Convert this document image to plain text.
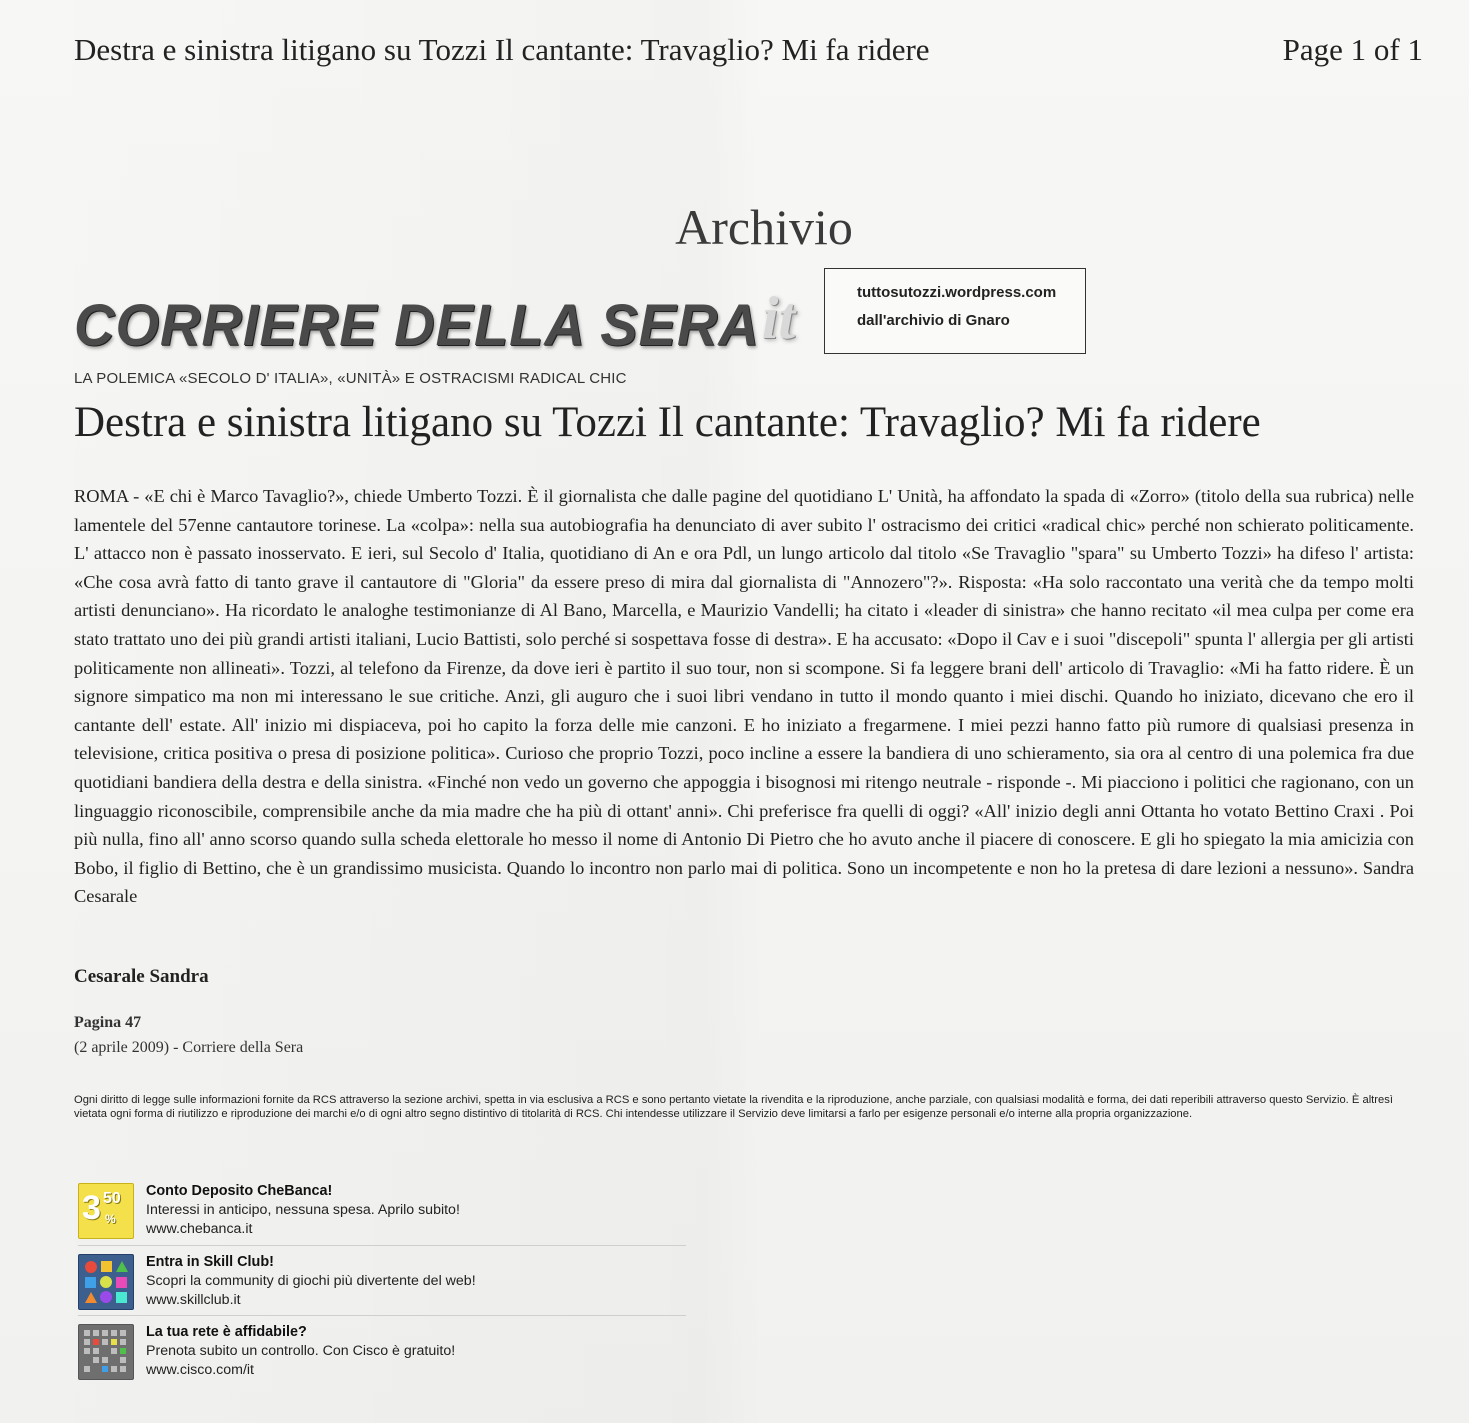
Destra e sinistra litigano su Tozzi Il cantante: Travaglio? Mi fa ridere	Page 1 of 1
Archivio
CORRIERE DELLA SERAit	tuttosutozzi.wordpress.com
dall'archivio di Gnaro
LA POLEMICA «SECOLO D' ITALIA», «UNITÀ» E OSTRACISMI RADICAL CHIC
Destra e sinistra litigano su Tozzi Il cantante: Travaglio? Mi fa ridere
ROMA - «E chi è Marco Tavaglio?», chiede Umberto Tozzi. È il giornalista che dalle pagine del quotidiano L' Unità, ha affondato la spada di «Zorro» (titolo della sua rubrica) nelle lamentele del 57enne cantautore torinese. La «colpa»: nella sua autobiografia ha denunciato di aver subito l' ostracismo dei critici «radical chic» perché non schierato politicamente. L' attacco non è passato inosservato. E ieri, sul Secolo d' Italia, quotidiano di An e ora Pdl, un lungo articolo dal titolo «Se Travaglio "spara" su Umberto Tozzi» ha difeso l' artista: «Che cosa avrà fatto di tanto grave il cantautore di "Gloria" da essere preso di mira dal giornalista di "Annozero"?». Risposta: «Ha solo raccontato una verità che da tempo molti artisti denunciano». Ha ricordato le analoghe testimonianze di Al Bano, Marcella, e Maurizio Vandelli; ha citato i «leader di sinistra» che hanno recitato «il mea culpa per come era stato trattato uno dei più grandi artisti italiani, Lucio Battisti, solo perché si sospettava fosse di destra». E ha accusato: «Dopo il Cav e i suoi "discepoli" spunta l' allergia per gli artisti politicamente non allineati». Tozzi, al telefono da Firenze, da dove ieri è partito il suo tour, non si scompone. Si fa leggere brani dell' articolo di Travaglio: «Mi ha fatto ridere. È un signore simpatico ma non mi interessano le sue critiche. Anzi, gli auguro che i suoi libri vendano in tutto il mondo quanto i miei dischi. Quando ho iniziato, dicevano che ero il cantante dell' estate. All' inizio mi dispiaceva, poi ho capito la forza delle mie canzoni. E ho iniziato a fregarmene. I miei pezzi hanno fatto più rumore di qualsiasi presenza in televisione, critica positiva o presa di posizione politica». Curioso che proprio Tozzi, poco incline a essere la bandiera di uno schieramento, sia ora al centro di una polemica fra due quotidiani bandiera della destra e della sinistra. «Finché non vedo un governo che appoggia i bisognosi mi ritengo neutrale - risponde -. Mi piacciono i politici che ragionano, con un linguaggio riconoscibile, comprensibile anche da mia madre che ha più di ottant' anni». Chi preferisce fra quelli di oggi? «All' inizio degli anni Ottanta ho votato Bettino Craxi . Poi più nulla, fino all' anno scorso quando sulla scheda elettorale ho messo il nome di Antonio Di Pietro che ho avuto anche il piacere di conoscere. E gli ho spiegato la mia amicizia con Bobo, il figlio di Bettino, che è un grandissimo musicista. Quando lo incontro non parlo mai di politica. Sono un incompetente e non ho la pretesa di dare lezioni a nessuno». Sandra Cesarale
Cesarale Sandra
Pagina 47
(2 aprile 2009) - Corriere della Sera
Ogni diritto di legge sulle informazioni fornite da RCS attraverso la sezione archivi, spetta in via esclusiva a RCS e sono pertanto vietate la rivendita e la riproduzione, anche parziale, con qualsiasi modalità e forma, dei dati reperibili attraverso questo Servizio. È altresì vietata ogni forma di riutilizzo e riproduzione dei marchi e/o di ogni altro segno distintivo di titolarità di RCS. Chi intendesse utilizzare il Servizio deve limitarsi a farlo per esigenze personali e/o interne alla propria organizzazione.
3 50
%
Conto Deposito CheBanca!
Interessi in anticipo, nessuna spesa. Aprilo subito!
www.chebanca.it
Entra in Skill Club!
Scopri la community di giochi più divertente del web!
www.skillclub.it
La tua rete è affidabile?
Prenota subito un controllo. Con Cisco è gratuito!
www.cisco.com/it
